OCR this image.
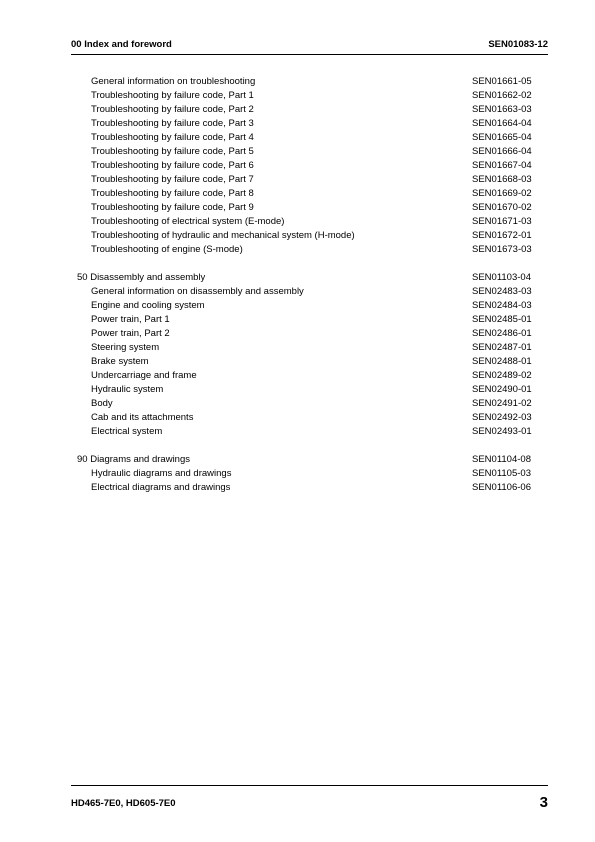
00 Index and foreword	SEN01083-12
General information on troubleshooting	SEN01661-05
Troubleshooting by failure code, Part 1	SEN01662-02
Troubleshooting by failure code, Part 2	SEN01663-03
Troubleshooting by failure code, Part 3	SEN01664-04
Troubleshooting by failure code, Part 4	SEN01665-04
Troubleshooting by failure code, Part 5	SEN01666-04
Troubleshooting by failure code, Part 6	SEN01667-04
Troubleshooting by failure code, Part 7	SEN01668-03
Troubleshooting by failure code, Part 8	SEN01669-02
Troubleshooting by failure code, Part 9	SEN01670-02
Troubleshooting of electrical system (E-mode)	SEN01671-03
Troubleshooting of hydraulic and mechanical system (H-mode)	SEN01672-01
Troubleshooting of engine (S-mode)	SEN01673-03
50 Disassembly and assembly	SEN01103-04
General information on disassembly and assembly	SEN02483-03
Engine and cooling system	SEN02484-03
Power train, Part 1	SEN02485-01
Power train, Part 2	SEN02486-01
Steering system	SEN02487-01
Brake system	SEN02488-01
Undercarriage and frame	SEN02489-02
Hydraulic system	SEN02490-01
Body	SEN02491-02
Cab and its attachments	SEN02492-03
Electrical system	SEN02493-01
90 Diagrams and drawings	SEN01104-08
Hydraulic diagrams and drawings	SEN01105-03
Electrical diagrams and drawings	SEN01106-06
HD465-7E0, HD605-7E0	3
